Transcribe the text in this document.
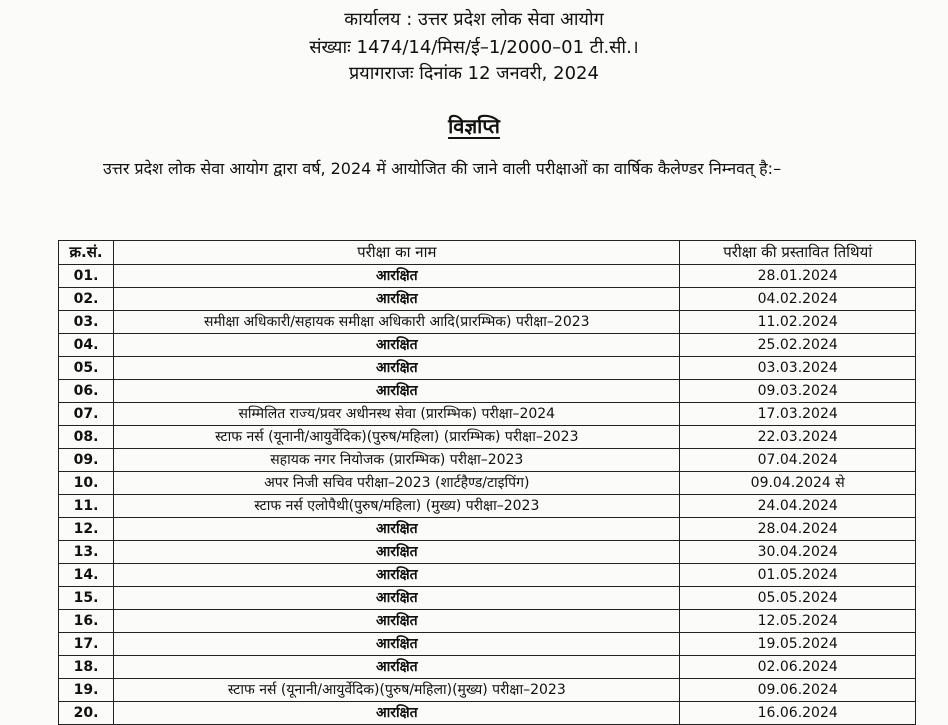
कार्यालय : उत्तर प्रदेश लोक सेवा आयोग
संख्याः 1474/14/मिस/ई–1/2000–01 टी.सी.।
प्रयागराजः दिनांक 12 जनवरी, 2024
विज्ञप्ति
उत्तर प्रदेश लोक सेवा आयोग द्वारा वर्ष, 2024 में आयोजित की जाने वाली परीक्षाओं का वार्षिक कैलेण्डर निम्नवत् है:–
क्र.सं.	परीक्षा का नाम	परीक्षा की प्रस्तावित तिथियां
01.	आरक्षित	28.01.2024
02.	आरक्षित	04.02.2024
03.	समीक्षा अधिकारी/सहायक समीक्षा अधिकारी आदि(प्रारम्भिक) परीक्षा–2023	11.02.2024
04.	आरक्षित	25.02.2024
05.	आरक्षित	03.03.2024
06.	आरक्षित	09.03.2024
07.	सम्मिलित राज्य/प्रवर अधीनस्थ सेवा (प्रारम्भिक) परीक्षा–2024	17.03.2024
08.	स्टाफ नर्स (यूनानी/आयुर्वेदिक)(पुरुष/महिला) (प्रारम्भिक) परीक्षा–2023	22.03.2024
09.	सहायक नगर नियोजक (प्रारम्भिक) परीक्षा–2023	07.04.2024
10.	अपर निजी सचिव परीक्षा–2023 (शार्टहैण्ड/टाइपिंग)	09.04.2024 से
11.	स्टाफ नर्स एलोपैथी(पुरुष/महिला) (मुख्य) परीक्षा–2023	24.04.2024
12.	आरक्षित	28.04.2024
13.	आरक्षित	30.04.2024
14.	आरक्षित	01.05.2024
15.	आरक्षित	05.05.2024
16.	आरक्षित	12.05.2024
17.	आरक्षित	19.05.2024
18.	आरक्षित	02.06.2024
19.	स्टाफ नर्स (यूनानी/आयुर्वेदिक)(पुरुष/महिला)(मुख्य) परीक्षा–2023	09.06.2024
20.	आरक्षित	16.06.2024
